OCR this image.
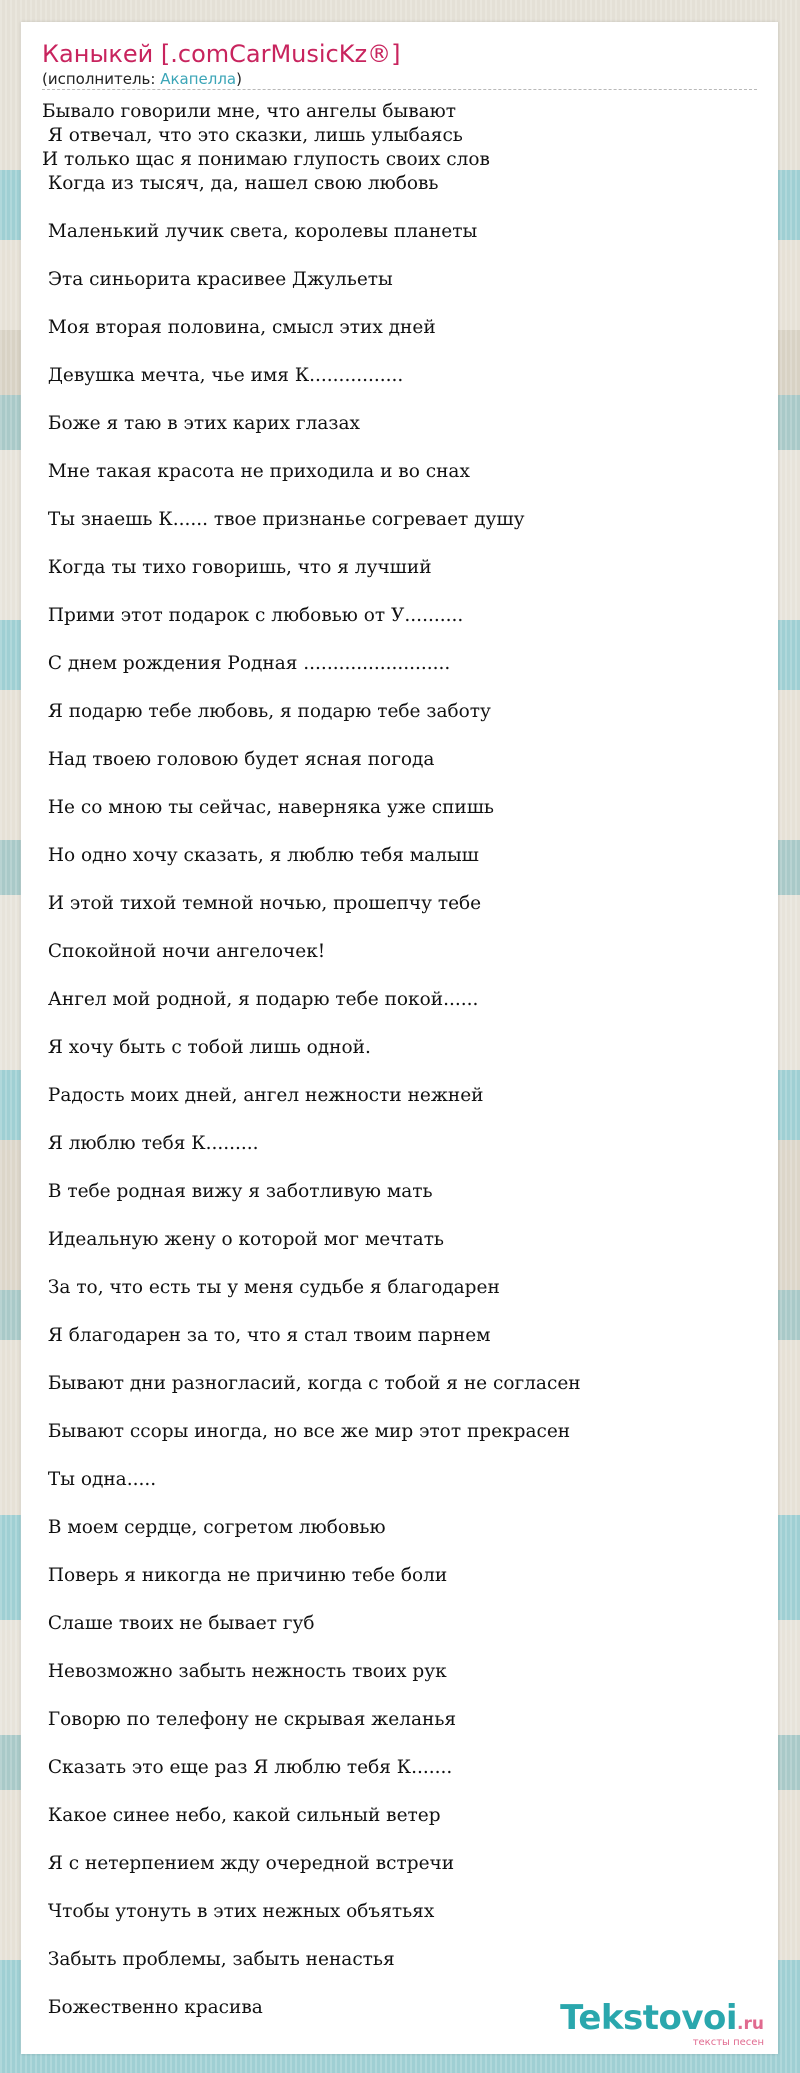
Каныкей [.comCarMusicKz®]
(исполнитель: Акапелла)
Бывало говорили мне, что ангелы бывают
Я отвечал, что это сказки, лишь улыбаясь
И только щас я понимаю глупость своих слов
Когда из тысяч, да, нашел свою любовь
Маленький лучик света, королевы планеты
Эта синьорита красивее Джульеты
Моя вторая половина, смысл этих дней
Девушка мечта, чье имя К................
Боже я таю в этих карих глазах
Мне такая красота не приходила и во снах
Ты знаешь К...... твое признанье согревает душу
Когда ты тихо говоришь, что я лучший
Прими этот подарок с любовью от У..........
С днем рождения Родная .........................
Я подарю тебе любовь, я подарю тебе заботу
Над твоею головою будет ясная погода
Не со мною ты сейчас, наверняка уже спишь
Но одно хочу сказать, я люблю тебя малыш
И этой тихой темной ночью, прошепчу тебе
Спокойной ночи ангелочек!
Ангел мой родной, я подарю тебе покой......
Я хочу быть с тобой лишь одной.
Радость моих дней, ангел нежности нежней
Я люблю тебя К.........
В тебе родная вижу я заботливую мать
Идеальную жену о которой мог мечтать
За то, что есть ты у меня судьбе я благодарен
Я благодарен за то, что я стал твоим парнем
Бывают дни разногласий, когда с тобой я не согласен
Бывают ссоры иногда, но все же мир этот прекрасен
Ты одна.....
В моем сердце, согретом любовью
Поверь я никогда не причиню тебе боли
Слаше твоих не бывает губ
Невозможно забыть нежность твоих рук
Говорю по телефону не скрывая желанья
Сказать это еще раз Я люблю тебя К.......
Какое синее небо, какой сильный ветер
Я с нетерпением жду очередной встречи
Чтобы утонуть в этих нежных объятьях
Забыть проблемы, забыть ненастья
Божественно красива	Tekstovoi.ru
тексты песен
